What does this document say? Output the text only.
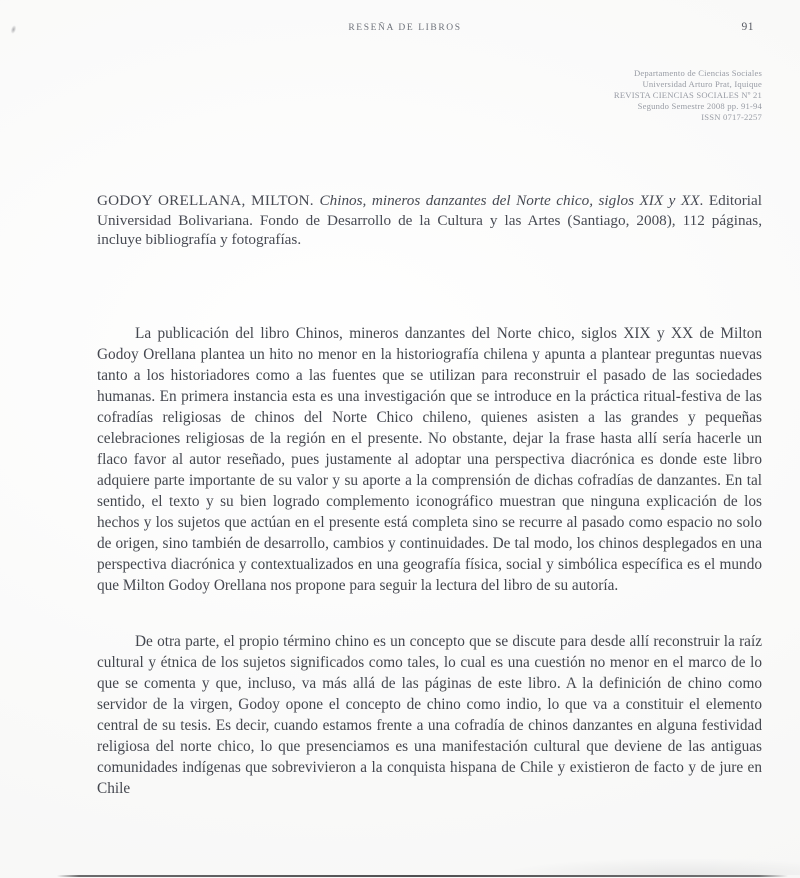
RESEÑA DE LIBROS	91
Departamento de Ciencias Sociales
Universidad Arturo Prat, Iquique
REVISTA CIENCIAS SOCIALES Nº 21
Segundo Semestre 2008 pp. 91-94
ISSN 0717-2257
GODOY ORELLANA, MILTON. Chinos, mineros danzantes del Norte chico, siglos XIX y XX. Editorial Universidad Bolivariana. Fondo de Desarrollo de la Cultura y las Artes (Santiago, 2008), 112 páginas, incluye bibliografía y fotografías.
La publicación del libro Chinos, mineros danzantes del Norte chico, siglos XIX y XX de Milton Godoy Orellana plantea un hito no menor en la historiografía chilena y apunta a plantear preguntas nuevas tanto a los historiadores como a las fuentes que se utilizan para reconstruir el pasado de las sociedades humanas. En primera instancia esta es una investigación que se introduce en la práctica ritual-festiva de las cofradías religiosas de chinos del Norte Chico chileno, quienes asisten a las grandes y pequeñas celebraciones religiosas de la región en el presente. No obstante, dejar la frase hasta allí sería hacerle un flaco favor al autor reseñado, pues justamente al adoptar una perspectiva diacrónica es donde este libro adquiere parte importante de su valor y su aporte a la comprensión de dichas cofradías de danzantes. En tal sentido, el texto y su bien logrado complemento iconográfico muestran que ninguna explicación de los hechos y los sujetos que actúan en el presente está completa sino se recurre al pasado como espacio no solo de origen, sino también de desarrollo, cambios y continuidades. De tal modo, los chinos desplegados en una perspectiva diacrónica y contextualizados en una geografía física, social y simbólica específica es el mundo que Milton Godoy Orellana nos propone para seguir la lectura del libro de su autoría.
De otra parte, el propio término chino es un concepto que se discute para desde allí reconstruir la raíz cultural y étnica de los sujetos significados como tales, lo cual es una cuestión no menor en el marco de lo que se comenta y que, incluso, va más allá de las páginas de este libro. A la definición de chino como servidor de la virgen, Godoy opone el concepto de chino como indio, lo que va a constituir el elemento central de su tesis. Es decir, cuando estamos frente a una cofradía de chinos danzantes en alguna festividad religiosa del norte chico, lo que presenciamos es una manifestación cultural que deviene de las antiguas comunidades indígenas que sobrevivieron a la conquista hispana de Chile y existieron de facto y de jure en Chile
